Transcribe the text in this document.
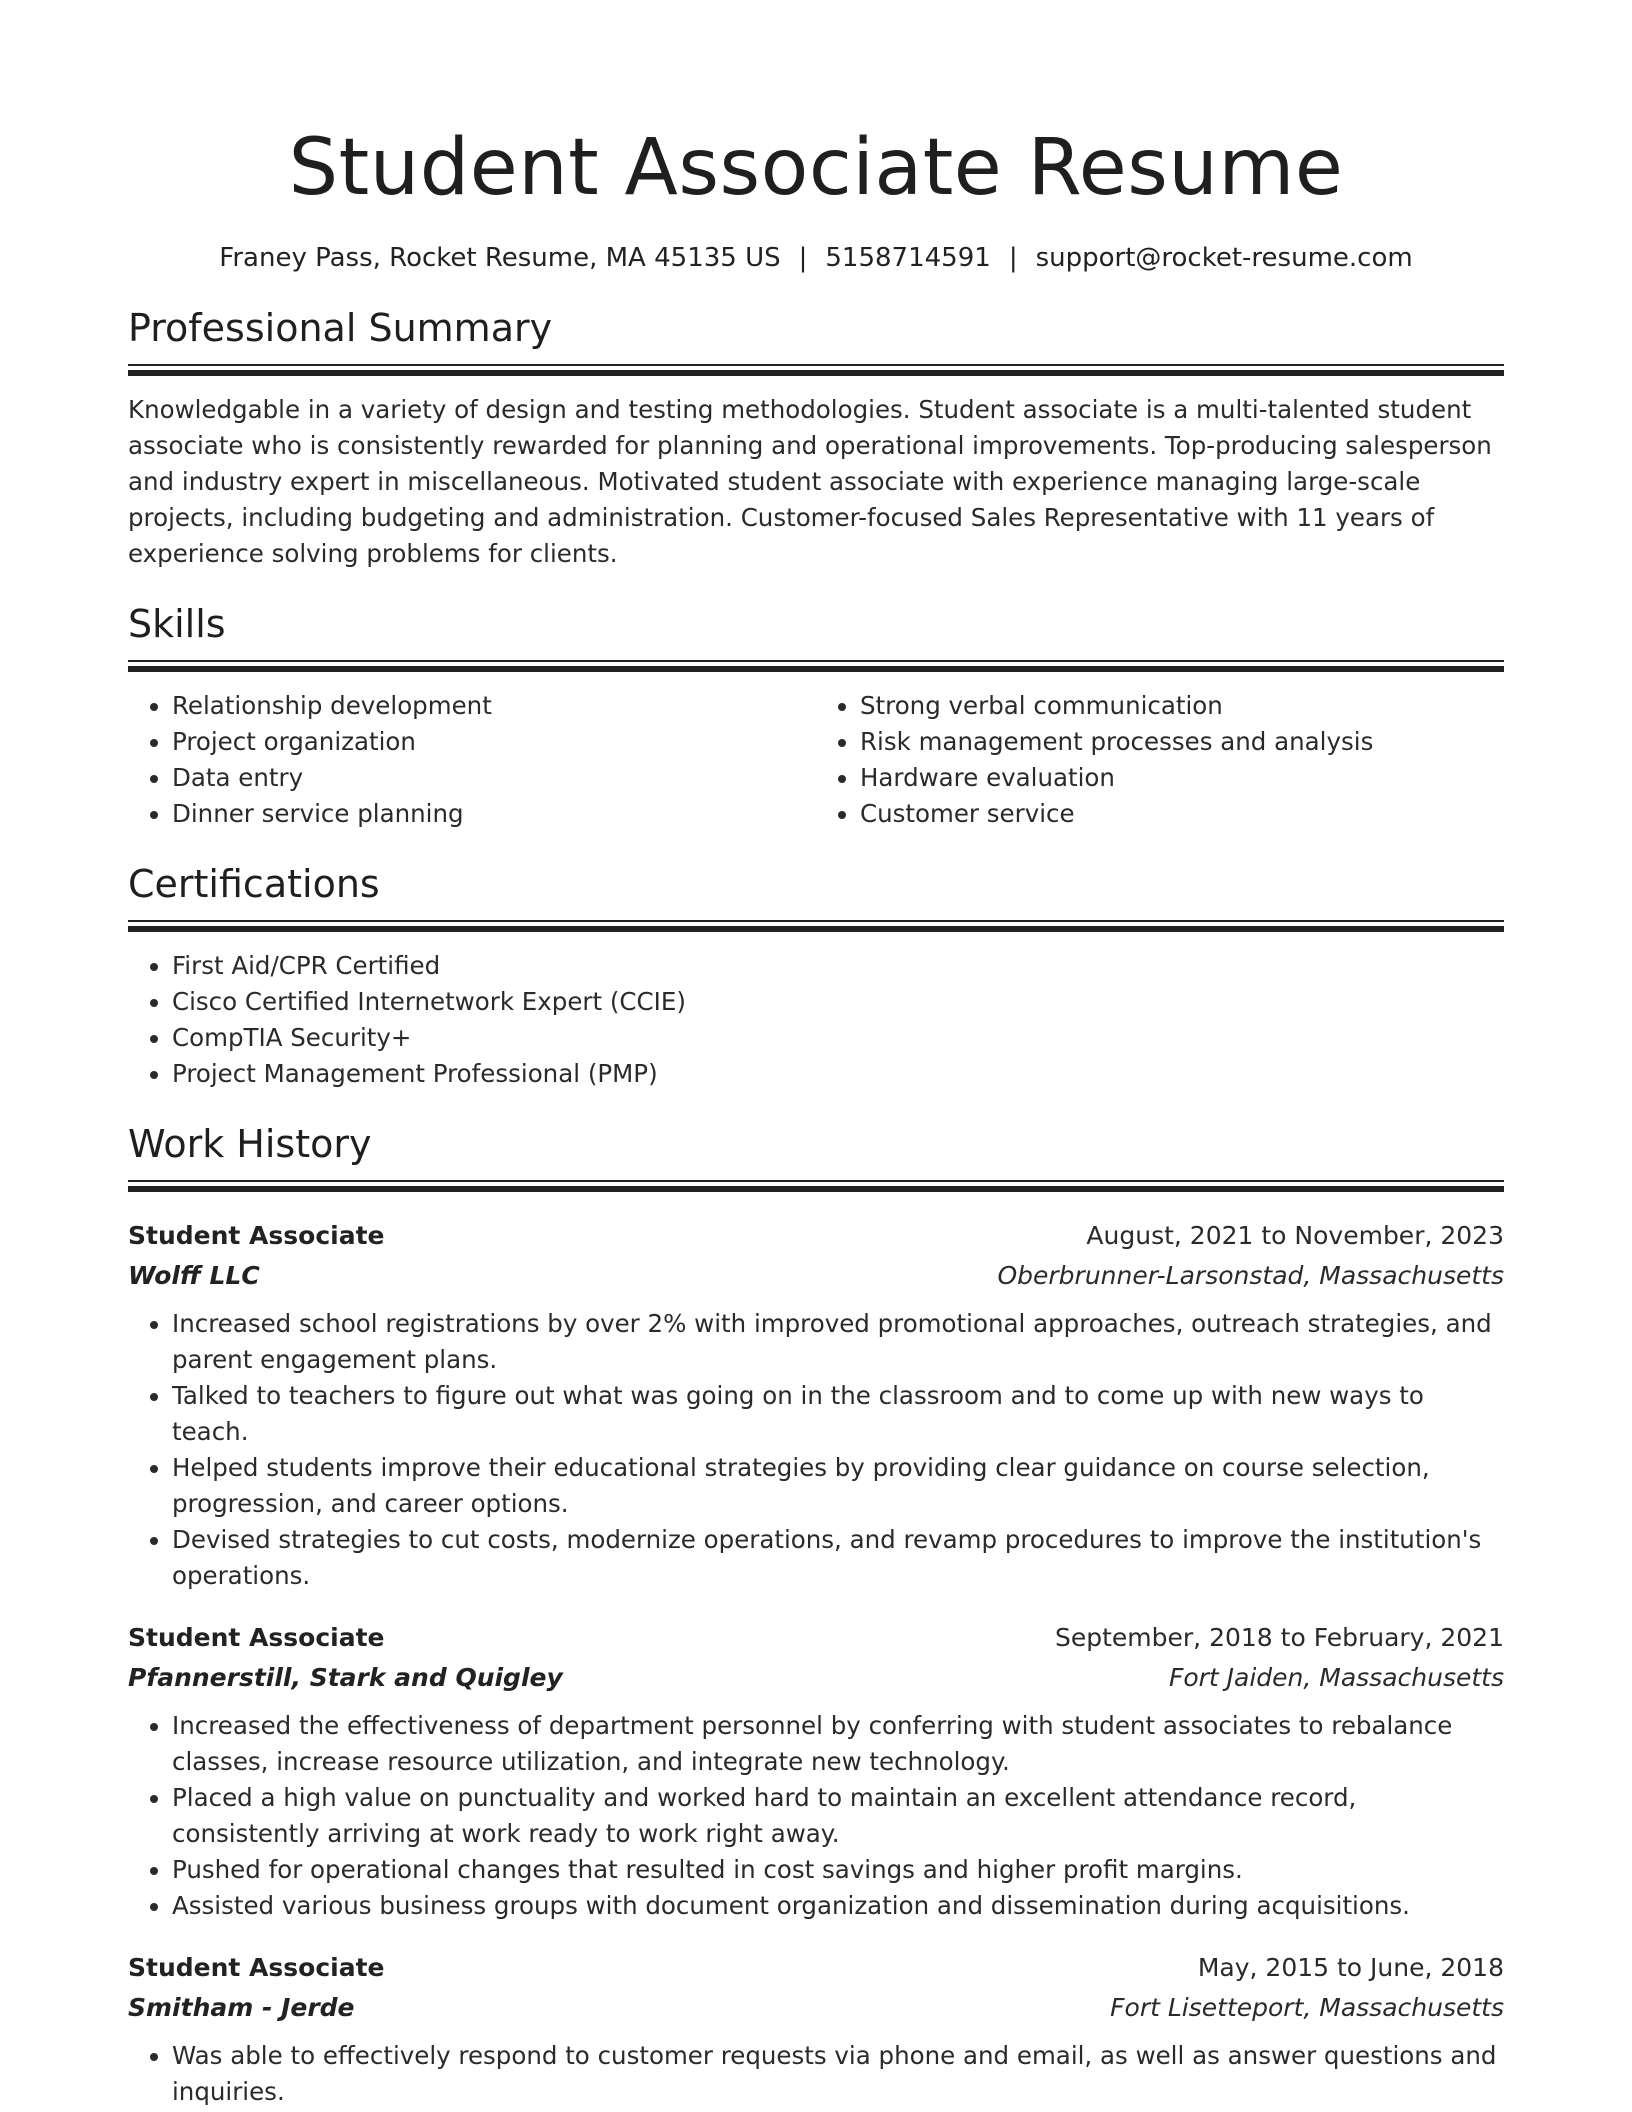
Student Associate Resume
Franey Pass, Rocket Resume, MA 45135 US | 5158714591 | support@rocket-resume.com
Professional Summary

Knowledgable in a variety of design and testing methodologies. Student associate is a multi-talented student associate who is consistently rewarded for planning and operational improvements. Top-producing salesperson and industry expert in miscellaneous. Motivated student associate with experience managing large-scale projects, including budgeting and administration. Customer-focused Sales Representative with 11 years of experience solving problems for clients.

Skills
• Relationship development
• Project organization
• Data entry
• Dinner service planning
• Strong verbal communication
• Risk management processes and analysis
• Hardware evaluation
• Customer service
Certifications
• First Aid/CPR Certified
• Cisco Certified Internetwork Expert (CCIE)
• CompTIA Security+
• Project Management Professional (PMP)
Work History
Student Associate	August, 2021 to November, 2023
Wolff LLC	Oberbrunner-Larsonstad, Massachusetts
• Increased school registrations by over 2% with improved promotional approaches, outreach strategies, and parent engagement plans.
• Talked to teachers to figure out what was going on in the classroom and to come up with new ways to teach.
• Helped students improve their educational strategies by providing clear guidance on course selection, progression, and career options.
• Devised strategies to cut costs, modernize operations, and revamp procedures to improve the institution's operations.
Student Associate	September, 2018 to February, 2021
Pfannerstill, Stark and Quigley	Fort Jaiden, Massachusetts
• Increased the effectiveness of department personnel by conferring with student associates to rebalance classes, increase resource utilization, and integrate new technology.
• Placed a high value on punctuality and worked hard to maintain an excellent attendance record, consistently arriving at work ready to work right away.
• Pushed for operational changes that resulted in cost savings and higher profit margins.
• Assisted various business groups with document organization and dissemination during acquisitions.
Student Associate	May, 2015 to June, 2018
Smitham - Jerde	Fort Lisetteport, Massachusetts
• Was able to effectively respond to customer requests via phone and email, as well as answer questions and inquiries.
